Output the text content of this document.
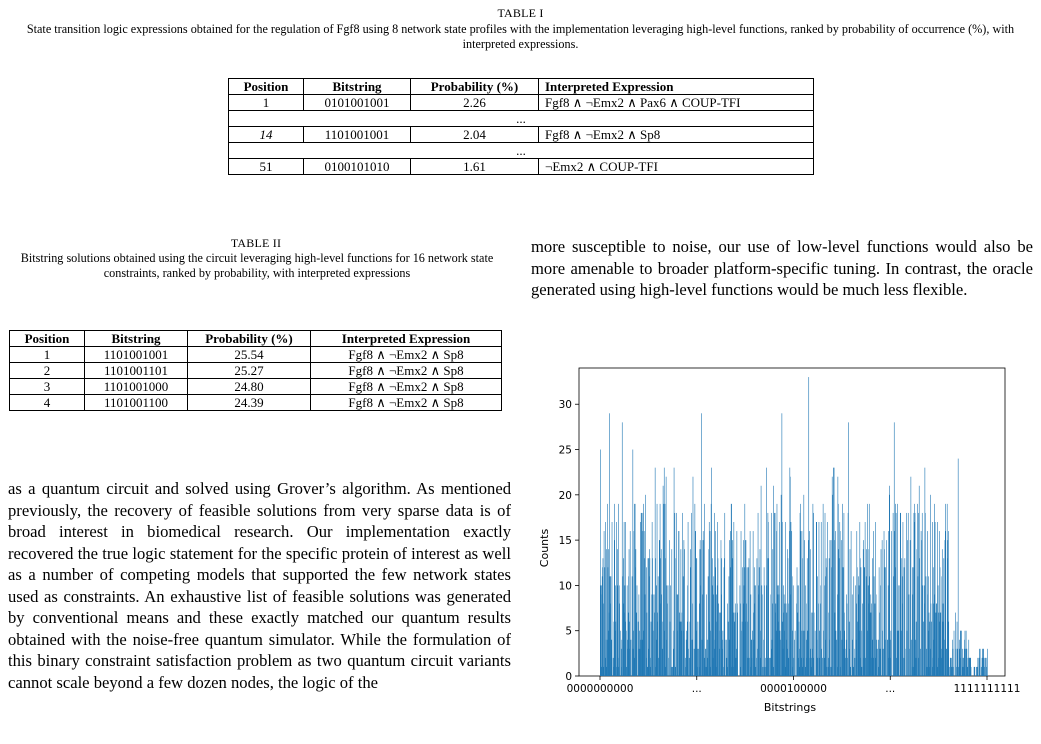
TABLE I
State transition logic expressions obtained for the regulation of Fgf8 using 8 network state profiles with the implementation leveraging high-level functions, ranked by probability of occurrence (%), with interpreted expressions.
Position	Bitstring	Probability (%)	Interpreted Expression
1	0101001001	2.26	Fgf8 ∧ ¬Emx2 ∧ Pax6 ∧ COUP-TFI
...			
14	1101001001	2.04	Fgf8 ∧ ¬Emx2 ∧ Sp8
...			
51	0100101010	1.61	¬Emx2 ∧ COUP-TFI
TABLE II
Bitstring solutions obtained using the circuit leveraging high-level functions for 16 network state constraints, ranked by probability, with interpreted expressions
Position	Bitstring	Probability (%)	Interpreted Expression
1	1101001001	25.54	Fgf8 ∧ ¬Emx2 ∧ Sp8
2	1101001101	25.27	Fgf8 ∧ ¬Emx2 ∧ Sp8
3	1101001000	24.80	Fgf8 ∧ ¬Emx2 ∧ Sp8
4	1101001100	24.39	Fgf8 ∧ ¬Emx2 ∧ Sp8

as a quantum circuit and solved using Grover’s algorithm. As mentioned previously, the recovery of feasible solutions from very sparse data is of broad interest in biomedical research. Our implementation exactly recovered the true logic statement for the specific protein of interest as well as a number of competing models that supported the few network states used as constraints. An exhaustive list of feasible solutions was generated by conventional means and these exactly matched our quantum results obtained with the noise-free quantum simulator. While the formulation of this binary constraint satisfaction problem as two quantum circuit variants cannot scale beyond a few dozen nodes, the logic of the

more susceptible to noise, our use of low-level functions would also be more amenable to broader platform-specific tuning. In contrast, the oracle generated using high-level functions would be much less flexible.

0
5
10
15
20
25
30
0000000000	...	0000100000	...	1111111111
Counts
Bitstrings
